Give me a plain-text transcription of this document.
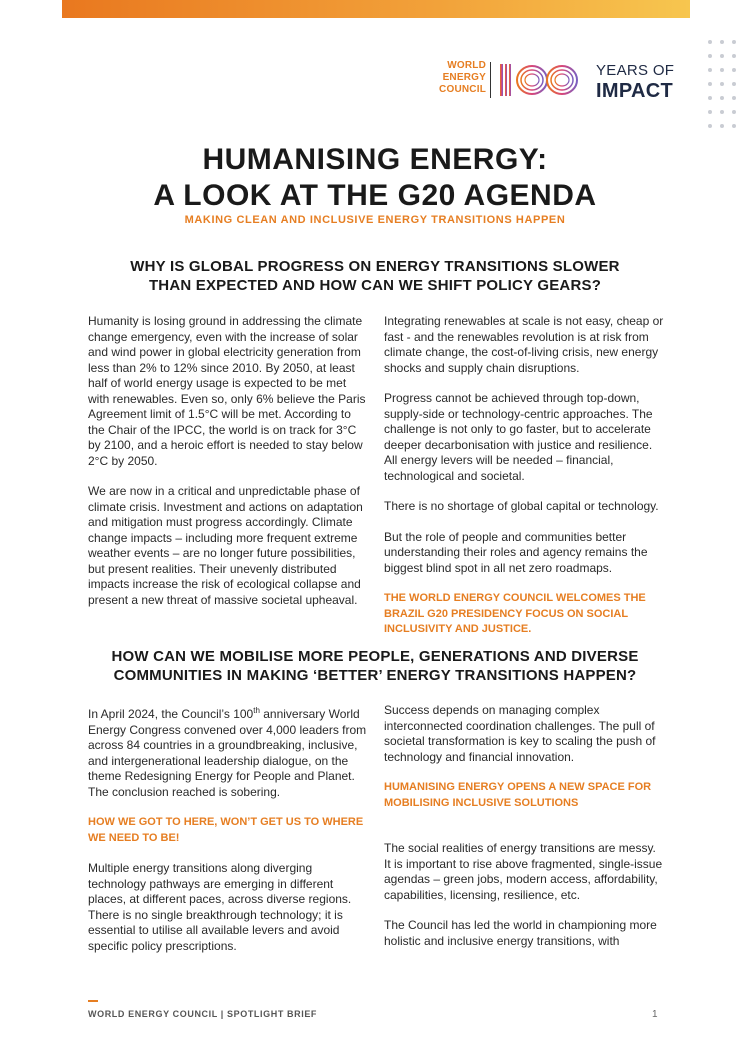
WORLD
ENERGY
COUNCIL
YEARS OF
IMPACT
HUMANISING ENERGY:
A LOOK AT THE G20 AGENDA
MAKING CLEAN AND INCLUSIVE ENERGY TRANSITIONS HAPPEN
WHY IS GLOBAL PROGRESS ON ENERGY TRANSITIONS SLOWER
THAN EXPECTED AND HOW CAN WE SHIFT POLICY GEARS?

Humanity is losing ground in addressing the climate change emergency, even with the increase of solar and wind power in global electricity generation from less than 2% to 12% since 2010. By 2050, at least half of world energy usage is expected to be met with renewables. Even so, only 6% believe the Paris Agreement limit of 1.5°C will be met. According to the Chair of the IPCC, the world is on track for 3°C by 2100, and a heroic effort is needed to stay below 2°C by 2050.

We are now in a critical and unpredictable phase of climate crisis. Investment and actions on adaptation and mitigation must progress accordingly. Climate change impacts – including more frequent extreme weather events – are no longer future possibilities, but present realities. Their unevenly distributed impacts increase the risk of ecological collapse and present a new threat of massive societal upheaval.

Integrating renewables at scale is not easy, cheap or fast - and the renewables revolution is at risk from climate change, the cost-of-living crisis, new energy shocks and supply chain disruptions.

Progress cannot be achieved through top-down, supply-side or technology-centric approaches. The challenge is not only to go faster, but to accelerate deeper decarbonisation with justice and resilience. All energy levers will be needed – financial, technological and societal.

There is no shortage of global capital or technology.

But the role of people and communities better understanding their roles and agency remains the biggest blind spot in all net zero roadmaps.

THE WORLD ENERGY COUNCIL WELCOMES THE BRAZIL G20 PRESIDENCY FOCUS ON SOCIAL INCLUSIVITY AND JUSTICE.

HOW CAN WE MOBILISE MORE PEOPLE, GENERATIONS AND DIVERSE
COMMUNITIES IN MAKING ‘BETTER’ ENERGY TRANSITIONS HAPPEN?

In April 2024, the Council’s 100th anniversary World Energy Congress convened over 4,000 leaders from across 84 countries in a groundbreaking, inclusive, and intergenerational leadership dialogue, on the theme Redesigning Energy for People and Planet. The conclusion reached is sobering.

HOW WE GOT TO HERE, WON’T GET US TO WHERE WE NEED TO BE!

Multiple energy transitions along diverging technology pathways are emerging in different places, at different paces, across diverse regions. There is no single breakthrough technology; it is essential to utilise all available levers and avoid specific policy prescriptions.

Success depends on managing complex interconnected coordination challenges. The pull of societal transformation is key to scaling the push of technology and financial innovation.

HUMANISING ENERGY OPENS A NEW SPACE FOR MOBILISING INCLUSIVE SOLUTIONS

The social realities of energy transitions are messy. It is important to rise above fragmented, single-issue agendas – green jobs, modern access, affordability, capabilities, licensing, resilience, etc.

The Council has led the world in championing more holistic and inclusive energy transitions, with

WORLD ENERGY COUNCIL | SPOTLIGHT BRIEF	1
